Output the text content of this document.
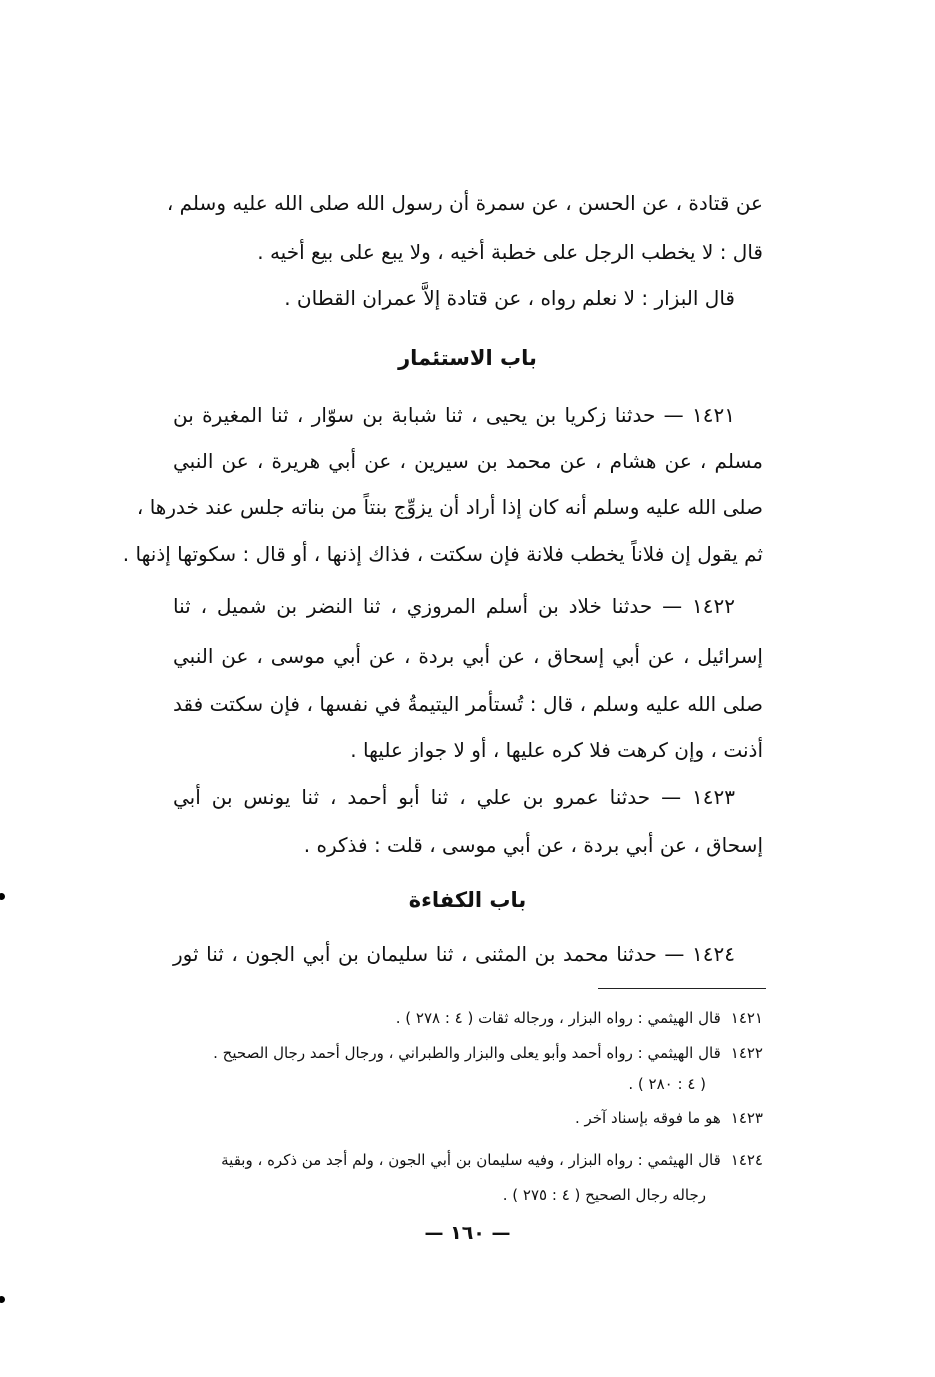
عن قتادة ، عن الحسن ، عن سمرة أن رسول الله صلى الله عليه وسلم ،
قال : لا يخطب الرجل على خطبة أخيه ، ولا يبع على بيع أخيه .
قال البزار : لا نعلم رواه ، عن قتادة إلاَّ عمران القطان .
باب الاستئمار
١٤٢١ — حدثنا زكريا بن يحيى ، ثنا شبابة بن سوّار ، ثنا المغيرة بن
مسلم ، عن هشام ، عن محمد بن سيرين ، عن أبي هريرة ، عن النبي
صلى الله عليه وسلم أنه كان إذا أراد أن يزوِّج بنتاً من بناته جلس عند خدرها ،
ثم يقول إن فلاناً يخطب فلانة فإن سكتت ، فذاك إذنها ، أو قال : سكوتها إذنها .
١٤٢٢ — حدثنا خلاد بن أسلم المروزي ، ثنا النضر بن شميل ، ثنا
إسرائيل ، عن أبي إسحاق ، عن أبي بردة ، عن أبي موسى ، عن النبي
صلى الله عليه وسلم ، قال : تُستأمر اليتيمةُ في نفسها ، فإن سكتت فقد
أذنت ، وإن كرهت فلا كره عليها ، أو لا جواز عليها .
١٤٢٣ — حدثنا عمرو بن علي ، ثنا أبو أحمد ، ثنا يونس بن أبي
إسحاق ، عن أبي بردة ، عن أبي موسى ، قلت : فذكره .
باب الكفاءة
١٤٢٤ — حدثنا محمد بن المثنى ، ثنا سليمان بن أبي الجون ، ثنا ثور
١٤٢١قال الهيثمي : رواه البزار ، ورجاله ثقات ( ٤ : ٢٧٨ ) .
١٤٢٢قال الهيثمي : رواه أحمد وأبو يعلى والبزار والطبراني ، ورجال أحمد رجال الصحيح .
( ٤ : ٢٨٠ ) .
١٤٢٣هو ما فوقه بإسناد آخر .
١٤٢٤قال الهيثمي : رواه البزار ، وفيه سليمان بن أبي الجون ، ولم أجد من ذكره ، وبقية
رجاله رجال الصحيح ( ٤ : ٢٧٥ ) .
— ١٦٠ —
